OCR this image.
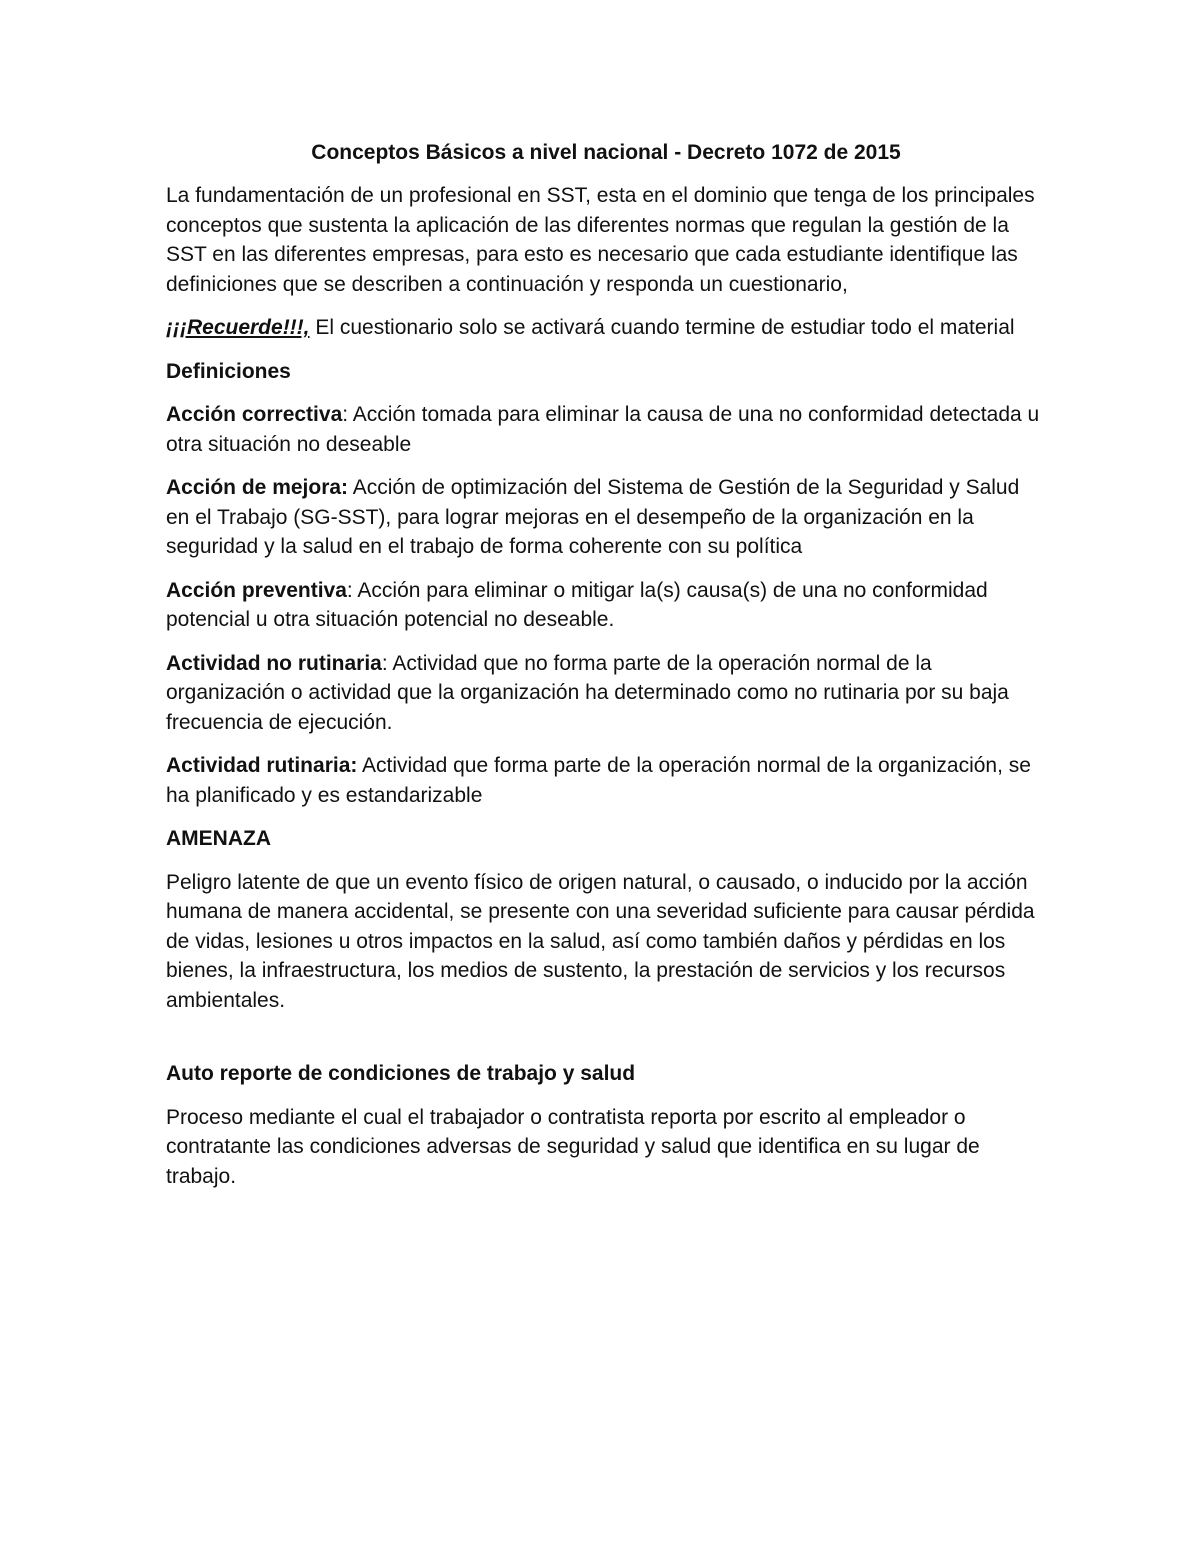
Conceptos Básicos a nivel nacional - Decreto 1072 de 2015

La fundamentación de un profesional en SST, esta en el dominio que tenga de los principales conceptos que sustenta la aplicación de las diferentes normas que regulan la gestión de la SST en las diferentes empresas, para esto es necesario que cada estudiante identifique las definiciones que se describen a continuación y responda un cuestionario,

¡¡¡Recuerde!!!, El cuestionario solo se activará cuando termine de estudiar todo el material

Definiciones

Acción correctiva: Acción tomada para eliminar la causa de una no conformidad detectada u otra situación no deseable

Acción de mejora: Acción de optimización del Sistema de Gestión de la Seguridad y Salud en el Trabajo (SG-SST), para lograr mejoras en el desempeño de la organización en la seguridad y la salud en el trabajo de forma coherente con su política

Acción preventiva: Acción para eliminar o mitigar la(s) causa(s) de una no conformidad potencial u otra situación potencial no deseable.

Actividad no rutinaria: Actividad que no forma parte de la operación normal de la organización o actividad que la organización ha determinado como no rutinaria por su baja frecuencia de ejecución.

Actividad rutinaria: Actividad que forma parte de la operación normal de la organización, se ha planificado y es estandarizable

AMENAZA

Peligro latente de que un evento físico de origen natural, o causado, o inducido por la acción humana de manera accidental, se presente con una severidad suficiente para causar pérdida de vidas, lesiones u otros impactos en la salud, así como también daños y pérdidas en los bienes, la infraestructura, los medios de sustento, la prestación de servicios y los recursos ambientales.

Auto reporte de condiciones de trabajo y salud

Proceso mediante el cual el trabajador o contratista reporta por escrito al empleador o contratante las condiciones adversas de seguridad y salud que identifica en su lugar de trabajo.
